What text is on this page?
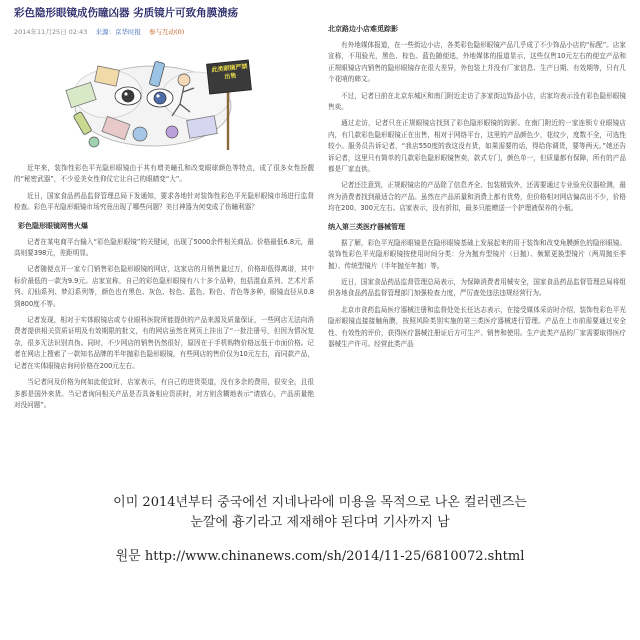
彩色隐形眼镜成伤瞳凶器 劣质镜片可致角膜溃疡
2014年11月25日 02:43 来源：京华时报 参与互动(0)
此类眼镜严禁出售

近年来，装饰性彩色平光隐形眼镜由于其有增美瞳孔和改变眼球颜色等特点，成了很多女性扮靓的“秘密武器”，不少爱美女性仰仗它让自己的眼睛变“大”。

近日，国家食品药品监督管理总局下发通知，要求各地针对装饰性彩色平光隐形眼镜市场进行监督检查。彩色平光隐形眼镜市场究竟出现了哪些问题？美目神器为何变成了伤瞳利器？

彩色隐形眼镜网售火爆

记者在某电商平台输入“彩色隐形眼镜”的关键词，出现了5000余件相关商品。价格最低6.8元，最高则要398元，差距明显。

记者随便点开一家专门销售彩色隐形眼镜的网店，这家店的月销售量过万，价格却低得离谱，其中标价最低的一款为9.9元。店家宣称，自己的彩色隐形眼镜有八十多个品种，包括混血系列、艺术片系列、幻仙系列、梦幻系列等，颜色也有黑色、灰色、棕色、蓝色、粉色、青色等多种，眼镜直径从0.8到800度不等。

记者发现，相对于实体眼镜店或专业眼科医院所能提供的产品来源及质量保证，一些网店无法向消费者提供相关资质证明及有效期限的批文，有的网店虽然在网页上挂出了“一批注册号，但因为情况复杂，很多无法识别真伪。同时，不少网店的销售仍然很好，原因在于手机购物价格远低于市面价格。记者在网店上搜索了一款知名品牌的半年抛彩色隐形眼镜，有些网店的售价仅为10元左右，而同款产品，记者在实体眼镜店询问价格在200元左右。

当记者问及价格为何如此便宜时，店家表示，有自己的进货渠道，没有多余的费用，很安全，且很多都是国外来货。当记者询问相关产品是否具备相应资质时，对方则含糊地表示“请放心，产品质量绝对没问题”。

北京路边小店难觅踪影

有外地媒体报道，在一些街边小店，各类彩色隐形眼镜产品几乎成了不少饰品小店的“标配”。店家宣称，不用验光，黑色、棕色、蓝色随便选，外地媒体的报道显示，这些仅售10元左右的便宜产品和正规眼镜店内销售的隐形眼镜存在很大差异，外包装上并没有厂家信息、生产日期、有效期等，只有几个花哨的韩文。

不过，记者日前在北京东城区和南门附近走访了多家街边饰品小店，店家均表示没有彩色隐形眼镜售卖。

通过走访，记者只在正规眼镜店找到了彩色隐形眼镜的踪影。在南门附近的一家连锁专业眼镜店内，有几款彩色隐形眼镜正在出售，相对于网络平台，这里的产品颜色少，花纹少，度数不全，可选性较小。服务员告诉记者，“我店550度的我这没有货，如果需要的话，得给你调货，要等两天。”她还告诉记者，这里只有简单的几款彩色隐形眼镜售卖，款式专门，颜色单一，但质量都有保障，所有的产品都是厂家直供。

记者还注意到，正规眼镜店的产品除了信息齐全、包装精致外，还需要通过专业验光仪器检测，最终为消费者找到最适合的产品。虽然在产品质量和消费上都有优势，但价格相对网店偏高出不少，价格均在200、300元左右。店家表示，没有折扣，最多只能赠送一个护理液保养的小瓶。

纳入第三类医疗器械管理

据了解，彩色平光隐形眼镜是在隐形眼镜基础上发展起来的用于装饰和改变角膜颜色的隐形眼镜。装饰性彩色平光隐形眼镜按使用时间分类：分为抛弃型镜片（日抛）、频繁更换型镜片（两周抛至季抛）、传统型镜片（半年抛至年抛）等。

近日，国家食品药品监督管理总局表示，为保障消费者用械安全，国家食品药品监督管理总局将组织各地食品药品监督管理部门加强检查力度，严厉查处违法违规经营行为。

北京市食药监局医疗器械注册和监督处处长任达志表示，在接受媒体采访时介绍，装饰性彩色平光隐形眼镜直接接触角膜，按照风险类别实施的第三类医疗器械进行管理。产品在上市前需要通过安全性、有效性的评价，获得医疗器械注册证后方可生产、销售和使用。生产此类产品的厂家需要取得医疗器械生产许可。经营此类产品

이미 2014년부터 중국에선 지네나라에 미용을 목적으로 나온 컬러렌즈는
눈깔에 흉기라고 제재해야 된다며 기사까지 남
원문 http://www.chinanews.com/sh/2014/11-25/6810072.shtml
